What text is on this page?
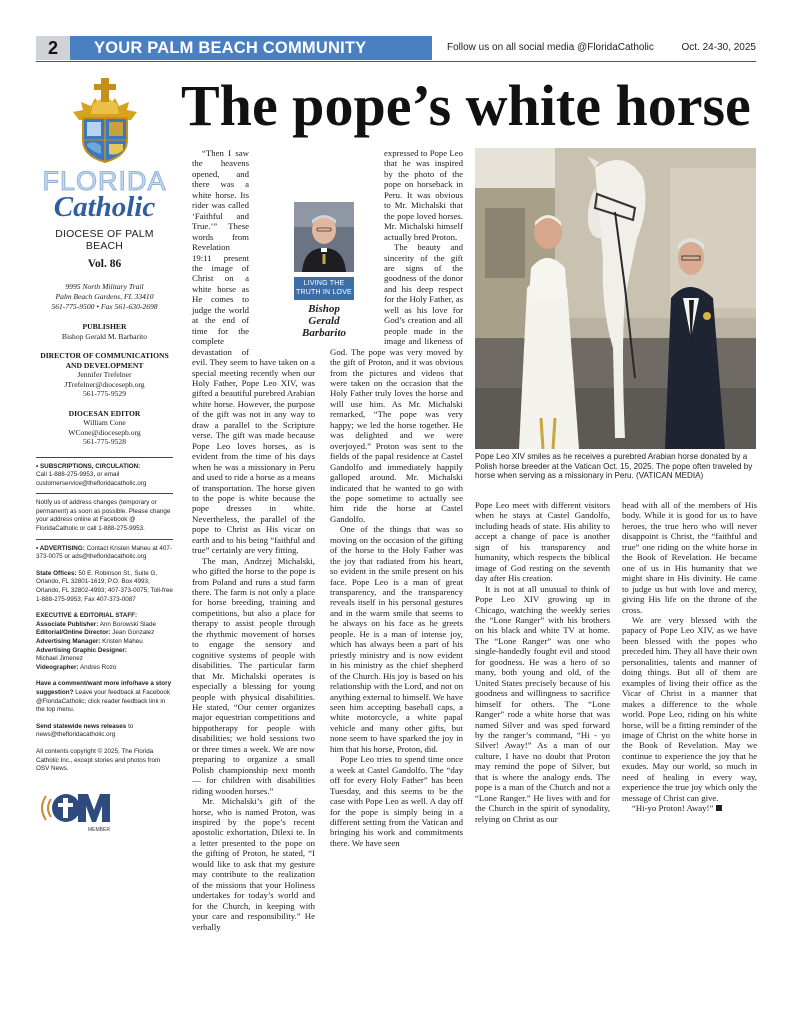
2	YOUR PALM BEACH COMMUNITY	Follow us on all social media @FloridaCatholic	Oct. 24-30, 2025
FLORIDA
Catholic
DIOCESE OF PALM BEACH
Vol. 86
9995 North Military Trail
Palm Beach Gardens, FL 33410
561-775-9500 • Fax 561-630-2698
PUBLISHER
Bishop Gerald M. Barbarito
DIRECTOR OF COMMUNICATIONS AND DEVELOPMENT
Jennifer Trefelner
JTrefelner@diocesepb.org
561-775-9529
DIOCESAN EDITOR
William Cone
WCone@diocesepb.org
561-775-9528
• SUBSCRIPTIONS, CIRCULATION:
Call 1-888-275-9953, or email customerservice@thefloridacatholic.org
Notify us of address changes (temporary or permanent) as soon as possible. Please change your address online at Facebook @ FloridaCatholic or call 1-888-275-9953.
• ADVERTISING: Contact Kristen Maheu at 407-373-0075 or ads@thefloridacatholic.org
State Offices: 50 E. Robinson St., Suite G, Orlando, FL 32801-1619; P.O. Box 4993; Orlando, FL 32802-4993; 407-373-0075; Toll-free 1-888-275-9953; Fax 407-373-0087
EXECUTIVE & EDITORIAL STAFF:
Associate Publisher: Ann Borowski Slade
Editorial/Online Director: Jean Gonzalez
Advertising Manager: Kristen Maheu
Advertising Graphic Designer:
Michael Jimenez
Videographer: Andres Rozo
Have a comment/want more info/have a story suggestion? Leave your feedback at Facebook @FloridaCatholic; click reader feedback link in the top menu.
Send statewide news releases to news@thefloridacatholic.org
All contents copyright © 2025, The Florida Catholic Inc., except stories and photos from OSV News.
MEMBER
The pope’s white horse
LIVING THE TRUTH IN LOVE
Bishop
Gerald
Barbarito

“Then I saw the heavens opened, and there was a white horse. Its rider was called ‘Faithful and True.’” These words from Revelation 19:11 present the image of Christ on a white horse as He comes to judge the world at the end of time for the complete devastation of evil. They seem to have taken on a special meeting recently when our Holy Father, Pope Leo XIV, was gifted a beautiful purebred Arabian white horse. However, the purpose of the gift was not in any way to draw a parallel to the Scripture verse. The gift was made because Pope Leo loves horses, as is evident from the time of his days when he was a missionary in Peru and used to ride a horse as a means of transportation. The horse given to the pope is white because the pope dresses in white. Nevertheless, the parallel of the pope to Christ as His vicar on earth and to his being “faithful and true” certainly are very fitting.

The man, Andrzej Michalski, who gifted the horse to the pope is from Poland and runs a stud farm there. The farm is not only a place for horse breeding, training and competitions, but also a place for therapy to assist people through the rhythmic movement of horses to engage the sensory and cognitive systems of people with disabilities. The particular farm that Mr. Michalski operates is especially a blessing for young people with physical disabilities. He stated, “Our center organizes major equestrian competitions and hippotherapy for people with disabilities; we hold sessions two or three times a week. We are now preparing to organize a small Polish championship next month — for children with disabilities riding wooden horses.”

Mr. Michalski’s gift of the horse, who is named Proton, was inspired by the pope’s recent apostolic exhortation, Dilexi te. In a letter presented to the pope on the gifting of Proton, he stated, “I would like to ask that my gesture may contribute to the realization of the missions that your Holiness undertakes for today’s world and for the Church, in keeping with your care and responsibility.” He verbally

expressed to Pope Leo that he was inspired by the photo of the pope on horseback in Peru. It was obvious to Mr. Michalski that the pope loved horses. Mr. Michalski himself actually bred Proton.

The beauty and sincerity of the gift are signs of the goodness of the donor and his deep respect for the Holy Father, as well as his love for God’s creation and all people made in the image and likeness of God. The pope was very moved by the gift of Proton, and it was obvious from the pictures and videos that were taken on the occasion that the Holy Father truly loves the horse and will use him. As Mr. Michalski remarked, “The pope was very happy; we led the horse together. He was delighted and we were overjoyed.” Proton was sent to the fields of the papal residence at Castel Gandolfo and immediately happily galloped around. Mr. Michalski indicated that he wanted to go with the pope sometime to actually see him ride the horse at Castel Gandolfo.

One of the things that was so moving on the occasion of the gifting of the horse to the Holy Father was the joy that radiated from his heart, so evident in the smile present on his face. Pope Leo is a man of great transparency, and the transparency reveals itself in his personal gestures and in the warm smile that seems to be always on his face as he greets people. He is a man of intense joy, which has always been a part of his priestly ministry and is now evident in his ministry as the chief shepherd of the Church. His joy is based on his relationship with the Lord, and not on anything external to himself. We have seen him accepting baseball caps, a white motorcycle, a white papal vehicle and many other gifts, but none seem to have sparked the joy in him that his horse, Proton, did.

Pope Leo tries to spend time once a week at Castel Gandolfo. The “day off for every Holy Father” has been Tuesday, and this seems to be the case with Pope Leo as well. A day off for the pope is simply being in a different setting from the Vatican and bringing his work and commitments there. We have seen

Pope Leo XIV smiles as he receives a purebred Arabian horse donated by a Polish horse breeder at the Vatican Oct. 15, 2025. The pope often traveled by horse when serving as a missionary in Peru. (VATICAN MEDIA)

Pope Leo meet with different visitors when he stays at Castel Gandolfo, including heads of state. His ability to accept a change of pace is another sign of his transparency and humanity, which respects the biblical image of God resting on the seventh day after His creation.

It is not at all unusual to think of Pope Leo XIV growing up in Chicago, watching the weekly series the “Lone Ranger” with his brothers on his black and white TV at home. The “Lone Ranger” was one who single-handedly fought evil and stood for goodness. He was a hero of so many, both young and old, of the United States precisely because of his goodness and willingness to sacrifice himself for others. The “Lone Ranger” rode a white horse that was named Silver and was sped forward by the ranger’s command, “Hi - yo Silver! Away!” As a man of our culture, I have no doubt that Proton may remind the pope of Silver, but that is where the analogy ends. The pope is a man of the Church and not a “Lone Ranger.” He lives with and for the Church in the spirit of synodality, relying on Christ as our

head with all of the members of His body. While it is good for us to have heroes, the true hero who will never disappoint is Christ, the “faithful and true” one riding on the white horse in the Book of Revelation. He became one of us in His humanity that we might share in His divinity. He came to judge us but with love and mercy, giving His life on the throne of the cross.

We are very blessed with the papacy of Pope Leo XIV, as we have been blessed with the popes who preceded him. They all have their own personalities, talents and manner of doing things. But all of them are examples of living their office as the Vicar of Christ in a manner that makes a difference to the whole world. Pope Leo, riding on his white horse, will be a fitting reminder of the image of Christ on the white horse in the Book of Revelation. May we continue to experience the joy that he exudes. May our world, so much in need of healing in every way, experience the true joy which only the message of Christ can give.

“Hi-yo Proton! Away!”
